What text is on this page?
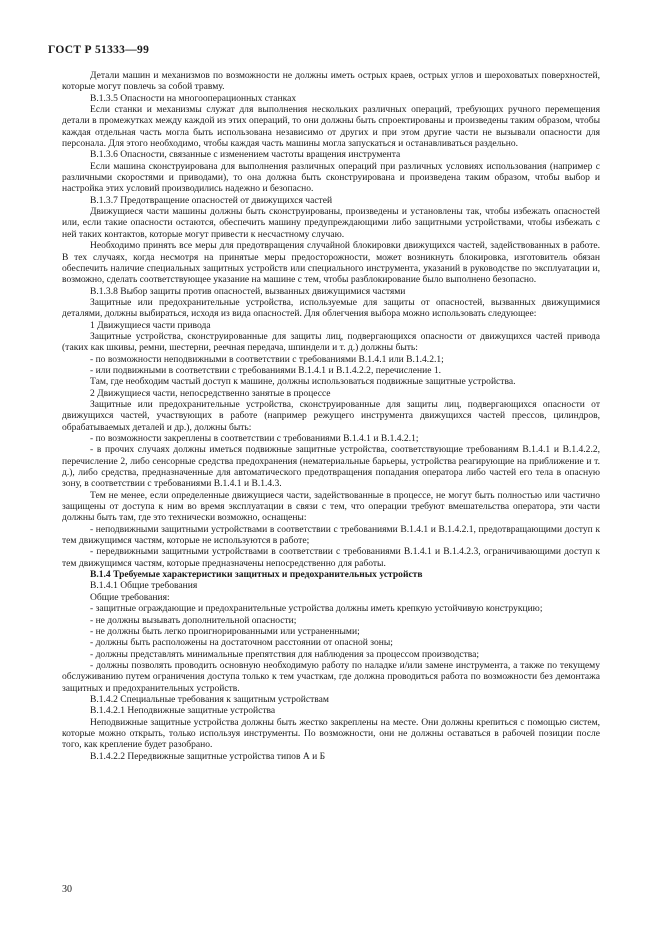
ГОСТ Р 51333—99

Детали машин и механизмов по возможности не должны иметь острых краев, острых углов и шероховатых поверхностей, которые могут повлечь за собой травму.

В.1.3.5 Опасности на многооперационных станках

Если станки и механизмы служат для выполнения нескольких различных операций, требующих ручного перемещения детали в промежутках между каждой из этих операций, то они должны быть спроектированы и произведены таким образом, чтобы каждая отдельная часть могла быть использована независимо от других и при этом другие части не вызывали опасности для персонала. Для этого необходимо, чтобы каждая часть машины могла запускаться и останавливаться раздельно.

В.1.3.6 Опасности, связанные с изменением частоты вращения инструмента

Если машина сконструирована для выполнения различных операций при различных условиях использования (например с различными скоростями и приводами), то она должна быть сконструирована и произведена таким образом, чтобы выбор и настройка этих условий производились надежно и безопасно.

В.1.3.7 Предотвращение опасностей от движущихся частей

Движущиеся части машины должны быть сконструированы, произведены и установлены так, чтобы избежать опасностей или, если такие опасности остаются, обеспечить машину предупреждающими либо защитными устройствами, чтобы избежать с ней таких контактов, которые могут привести к несчастному случаю.

Необходимо принять все меры для предотвращения случайной блокировки движущихся частей, задействованных в работе. В тех случаях, когда несмотря на принятые меры предосторожности, может возникнуть блокировка, изготовитель обязан обеспечить наличие специальных защитных устройств или специального инструмента, указаний в руководстве по эксплуатации и, возможно, сделать соответствующее указание на машине с тем, чтобы разблокирование было выполнено безопасно.

В.1.3.8 Выбор защиты против опасностей, вызванных движущимися частями

Защитные или предохранительные устройства, используемые для защиты от опасностей, вызванных движущимися деталями, должны выбираться, исходя из вида опасностей. Для облегчения выбора можно использовать следующее:

1 Движущиеся части привода

Защитные устройства, сконструированные для защиты лиц, подвергающихся опасности от движущихся частей привода (таких как шкивы, ремни, шестерни, реечная передача, шпиндели и т. д.) должны быть:

- по возможности неподвижными в соответствии с требованиями В.1.4.1 или В.1.4.2.1;

- или подвижными в соответствии с требованиями В.1.4.1 и В.1.4.2.2, перечисление 1.

Там, где необходим частый доступ к машине, должны использоваться подвижные защитные устройства.

2 Движущиеся части, непосредственно занятые в процессе

Защитные или предохранительные устройства, сконструированные для защиты лиц, подвергающихся опасности от движущихся частей, участвующих в работе (например режущего инструмента движущихся частей прессов, цилиндров, обрабатываемых деталей и др.), должны быть:

- по возможности закреплены в соответствии с требованиями В.1.4.1 и В.1.4.2.1;

- в прочих случаях должны иметься подвижные защитные устройства, соответствующие требованиям В.1.4.1 и В.1.4.2.2, перечисление 2, либо сенсорные средства предохранения (нематериальные барьеры, устройства реагирующие на приближение и т. д.), либо средства, предназначенные для автоматического предотвращения попадания оператора либо частей его тела в опасную зону, в соответствии с требованиями В.1.4.1 и В.1.4.3.

Тем не менее, если определенные движущиеся части, задействованные в процессе, не могут быть полностью или частично защищены от доступа к ним во время эксплуатации в связи с тем, что операции требуют вмешательства оператора, эти части должны быть там, где это технически возможно, оснащены:

- неподвижными защитными устройствами в соответствии с требованиями В.1.4.1 и В.1.4.2.1, предотвращающими доступ к тем движущимся частям, которые не используются в работе;

- передвижными защитными устройствами в соответствии с требованиями В.1.4.1 и В.1.4.2.3, ограничивающими доступ к тем движущимся частям, которые предназначены непосредственно для работы.

В.1.4 Требуемые характеристики защитных и предохранительных устройств

В.1.4.1 Общие требования

Общие требования:

- защитные ограждающие и предохранительные устройства должны иметь крепкую устойчивую конструкцию;

- не должны вызывать дополнительной опасности;

- не должны быть легко проигнорированными или устраненными;

- должны быть расположены на достаточном расстоянии от опасной зоны;

- должны представлять минимальные препятствия для наблюдения за процессом производства;

- должны позволять проводить основную необходимую работу по наладке и/или замене инструмента, а также по текущему обслуживанию путем ограничения доступа только к тем участкам, где должна проводиться работа по возможности без демонтажа защитных и предохранительных устройств.

В.1.4.2 Специальные требования к защитным устройствам

В.1.4.2.1 Неподвижные защитные устройства

Неподвижные защитные устройства должны быть жестко закреплены на месте. Они должны крепиться с помощью систем, которые можно открыть, только используя инструменты. По возможности, они не должны оставаться в рабочей позиции после того, как крепление будет разобрано.

В.1.4.2.2 Передвижные защитные устройства типов А и Б

30
